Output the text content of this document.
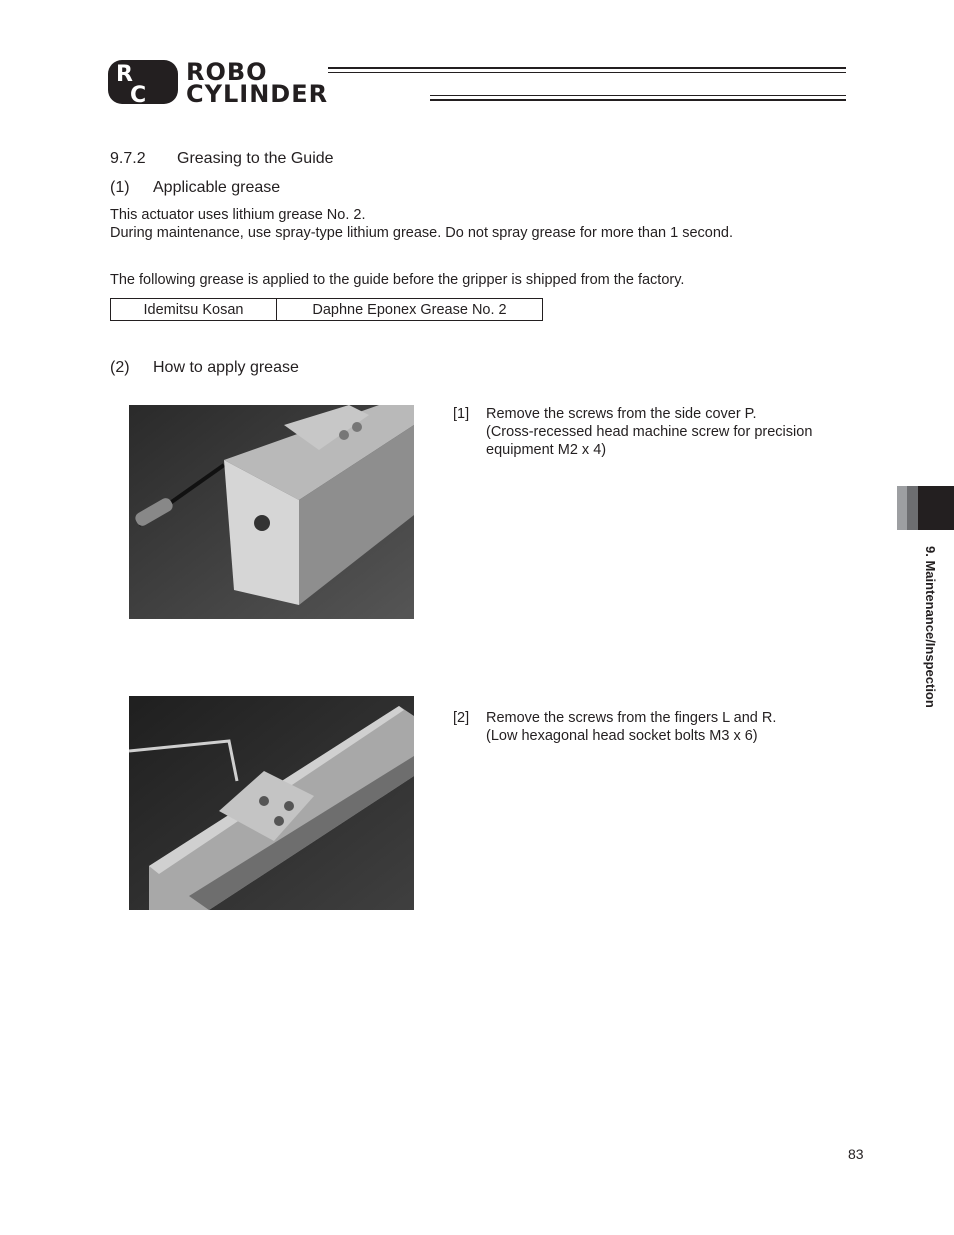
R
C
ROBO
CYLINDER
9.7.2 Greasing to the Guide
(1) Applicable grease
This actuator uses lithium grease No. 2.
During maintenance, use spray-type lithium grease. Do not spray grease for more than 1 second.
The following grease is applied to the guide before the gripper is shipped from the factory.
Idemitsu Kosan	Daphne Eponex Grease No. 2
(2) How to apply grease
[1] Remove the screws from the side cover P.
(Cross-recessed head machine screw for precision
equipment M2 x 4)
[2] Remove the screws from the fingers L and R.
(Low hexagonal head socket bolts M3 x 6)
9. Maintenance/Inspection
83
